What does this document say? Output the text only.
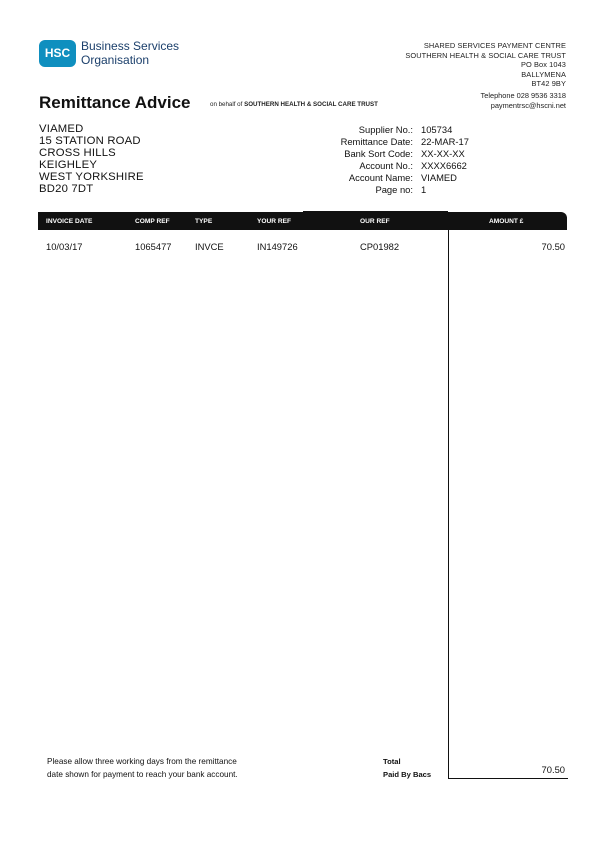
HSC Business Services
Organisation
SHARED SERVICES PAYMENT CENTRE
SOUTHERN HEALTH & SOCIAL CARE TRUST
PO Box 1043
BALLYMENA
BT42 9BY
Telephone 028 9536 3318
paymentrsc@hscni.net
Remittance Advice	on behalf of SOUTHERN HEALTH & SOCIAL CARE TRUST
VIAMED
15 STATION ROAD
CROSS HILLS
KEIGHLEY
WEST YORKSHIRE
BD20 7DT
Supplier No.: 105734
Remittance Date: 22-MAR-17
Bank Sort Code: XX-XX-XX
Account No.: XXXX6662
Account Name: VIAMED
Page no: 1
INVOICE DATE	COMP REF	TYPE	YOUR REF	OUR REF	AMOUNT £
10/03/17	1065477	INVCE	IN149726	CP01982	70.50
Please allow three working days from the remittance
date shown for payment to reach your bank account.
Total
Paid By Bacs	70.50
